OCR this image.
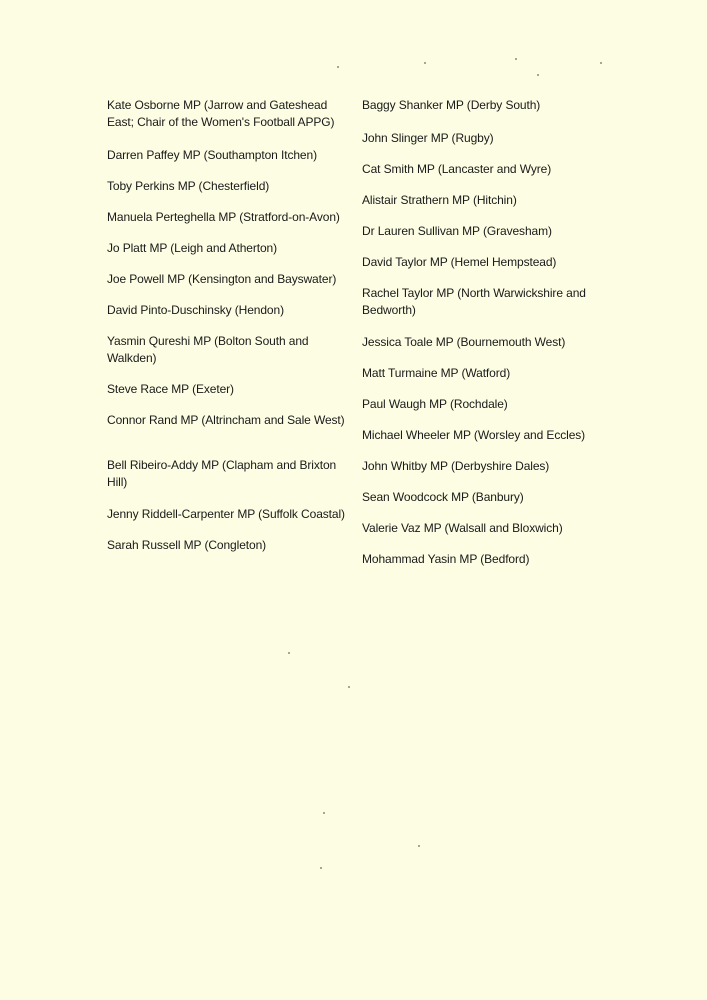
Kate Osborne MP (Jarrow and Gateshead East; Chair of the Women's Football APPG)
Darren Paffey MP (Southampton Itchen)
Toby Perkins MP (Chesterfield)
Manuela Perteghella MP (Stratford-on-Avon)
Jo Platt MP (Leigh and Atherton)
Joe Powell MP (Kensington and Bayswater)
David Pinto-Duschinsky (Hendon)
Yasmin Qureshi MP (Bolton South and Walkden)
Steve Race MP (Exeter)
Connor Rand MP (Altrincham and Sale West)
Bell Ribeiro-Addy MP (Clapham and Brixton Hill)
Jenny Riddell-Carpenter MP (Suffolk Coastal)
Sarah Russell MP (Congleton)
Baggy Shanker MP (Derby South)
John Slinger MP (Rugby)
Cat Smith MP (Lancaster and Wyre)
Alistair Strathern MP (Hitchin)
Dr Lauren Sullivan MP (Gravesham)
David Taylor MP (Hemel Hempstead)
Rachel Taylor MP (North Warwickshire and Bedworth)
Jessica Toale MP (Bournemouth West)
Matt Turmaine MP (Watford)
Paul Waugh MP (Rochdale)
Michael Wheeler MP (Worsley and Eccles)
John Whitby MP (Derbyshire Dales)
Sean Woodcock MP (Banbury)
Valerie Vaz MP (Walsall and Bloxwich)
Mohammad Yasin MP (Bedford)
